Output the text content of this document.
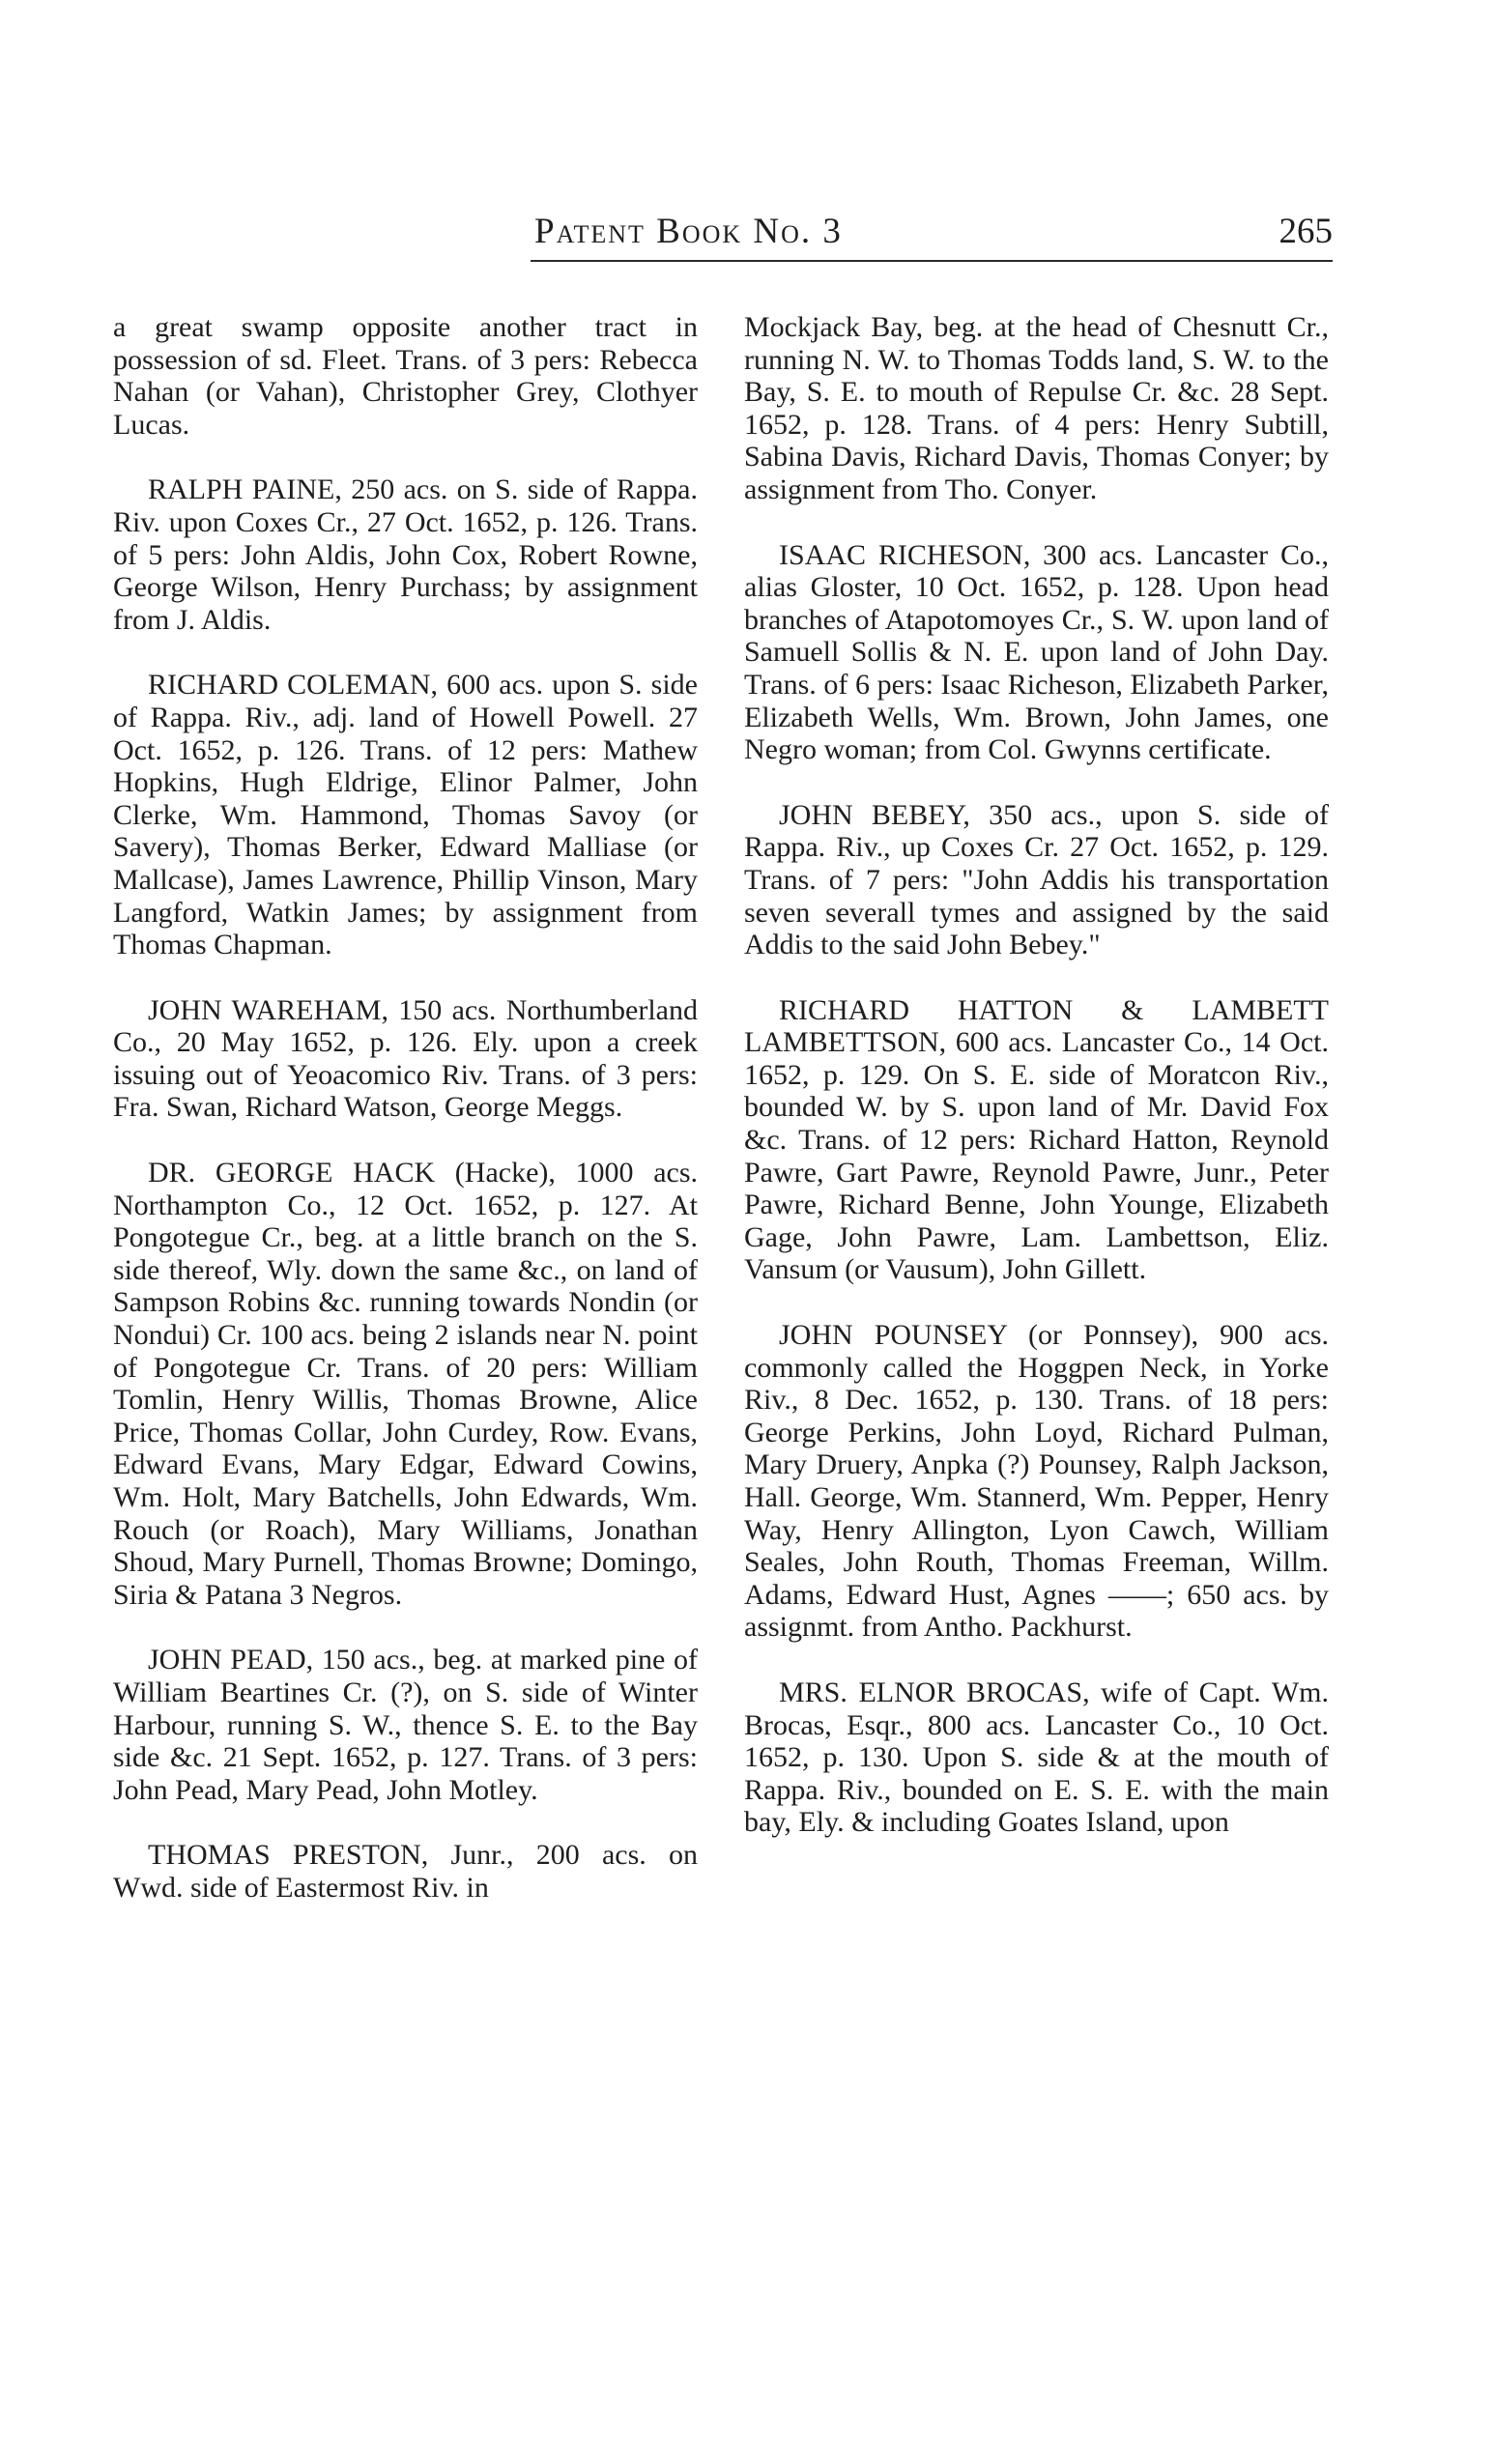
Patent Book No. 3	265

a great swamp opposite another tract in possession of sd. Fleet. Trans. of 3 pers: Rebecca Nahan (or Vahan), Christopher Grey, Clothyer Lucas.

RALPH PAINE, 250 acs. on S. side of Rappa. Riv. upon Coxes Cr., 27 Oct. 1652, p. 126. Trans. of 5 pers: John Aldis, John Cox, Robert Rowne, George Wilson, Henry Purchass; by assignment from J. Aldis.

RICHARD COLEMAN, 600 acs. upon S. side of Rappa. Riv., adj. land of Howell Powell. 27 Oct. 1652, p. 126. Trans. of 12 pers: Mathew Hopkins, Hugh Eldrige, Elinor Palmer, John Clerke, Wm. Hammond, Thomas Savoy (or Savery), Thomas Berker, Edward Malliase (or Mallcase), James Lawrence, Phillip Vinson, Mary Langford, Watkin James; by assignment from Thomas Chapman.

JOHN WAREHAM, 150 acs. Northumberland Co., 20 May 1652, p. 126. Ely. upon a creek issuing out of Yeoacomico Riv. Trans. of 3 pers: Fra. Swan, Richard Watson, George Meggs.

DR. GEORGE HACK (Hacke), 1000 acs. Northampton Co., 12 Oct. 1652, p. 127. At Pongotegue Cr., beg. at a little branch on the S. side thereof, Wly. down the same &c., on land of Sampson Robins &c. running towards Nondin (or Nondui) Cr. 100 acs. being 2 islands near N. point of Pongotegue Cr. Trans. of 20 pers: William Tomlin, Henry Willis, Thomas Browne, Alice Price, Thomas Collar, John Curdey, Row. Evans, Edward Evans, Mary Edgar, Edward Cowins, Wm. Holt, Mary Batchells, John Edwards, Wm. Rouch (or Roach), Mary Williams, Jonathan Shoud, Mary Purnell, Thomas Browne; Domingo, Siria & Patana 3 Negros.

JOHN PEAD, 150 acs., beg. at marked pine of William Beartines Cr. (?), on S. side of Winter Harbour, running S. W., thence S. E. to the Bay side &c. 21 Sept. 1652, p. 127. Trans. of 3 pers: John Pead, Mary Pead, John Motley.

THOMAS PRESTON, Junr., 200 acs. on Wwd. side of Eastermost Riv. in

Mockjack Bay, beg. at the head of Chesnutt Cr., running N. W. to Thomas Todds land, S. W. to the Bay, S. E. to mouth of Repulse Cr. &c. 28 Sept. 1652, p. 128. Trans. of 4 pers: Henry Subtill, Sabina Davis, Richard Davis, Thomas Conyer; by assignment from Tho. Conyer.

ISAAC RICHESON, 300 acs. Lancaster Co., alias Gloster, 10 Oct. 1652, p. 128. Upon head branches of Atapotomoyes Cr., S. W. upon land of Samuell Sollis & N. E. upon land of John Day. Trans. of 6 pers: Isaac Richeson, Elizabeth Parker, Elizabeth Wells, Wm. Brown, John James, one Negro woman; from Col. Gwynns certificate.

JOHN BEBEY, 350 acs., upon S. side of Rappa. Riv., up Coxes Cr. 27 Oct. 1652, p. 129. Trans. of 7 pers: "John Addis his transportation seven severall tymes and assigned by the said Addis to the said John Bebey."

RICHARD HATTON & LAMBETT LAMBETTSON, 600 acs. Lancaster Co., 14 Oct. 1652, p. 129. On S. E. side of Moratcon Riv., bounded W. by S. upon land of Mr. David Fox &c. Trans. of 12 pers: Richard Hatton, Reynold Pawre, Gart Pawre, Reynold Pawre, Junr., Peter Pawre, Richard Benne, John Younge, Elizabeth Gage, John Pawre, Lam. Lambettson, Eliz. Vansum (or Vausum), John Gillett.

JOHN POUNSEY (or Ponnsey), 900 acs. commonly called the Hoggpen Neck, in Yorke Riv., 8 Dec. 1652, p. 130. Trans. of 18 pers: George Perkins, John Loyd, Richard Pulman, Mary Druery, Anpka (?) Pounsey, Ralph Jackson, Hall. George, Wm. Stannerd, Wm. Pepper, Henry Way, Henry Allington, Lyon Cawch, William Seales, John Routh, Thomas Freeman, Willm. Adams, Edward Hust, Agnes ——; 650 acs. by assignmt. from Antho. Packhurst.

MRS. ELNOR BROCAS, wife of Capt. Wm. Brocas, Esqr., 800 acs. Lancaster Co., 10 Oct. 1652, p. 130. Upon S. side & at the mouth of Rappa. Riv., bounded on E. S. E. with the main bay, Ely. & including Goates Island, upon
